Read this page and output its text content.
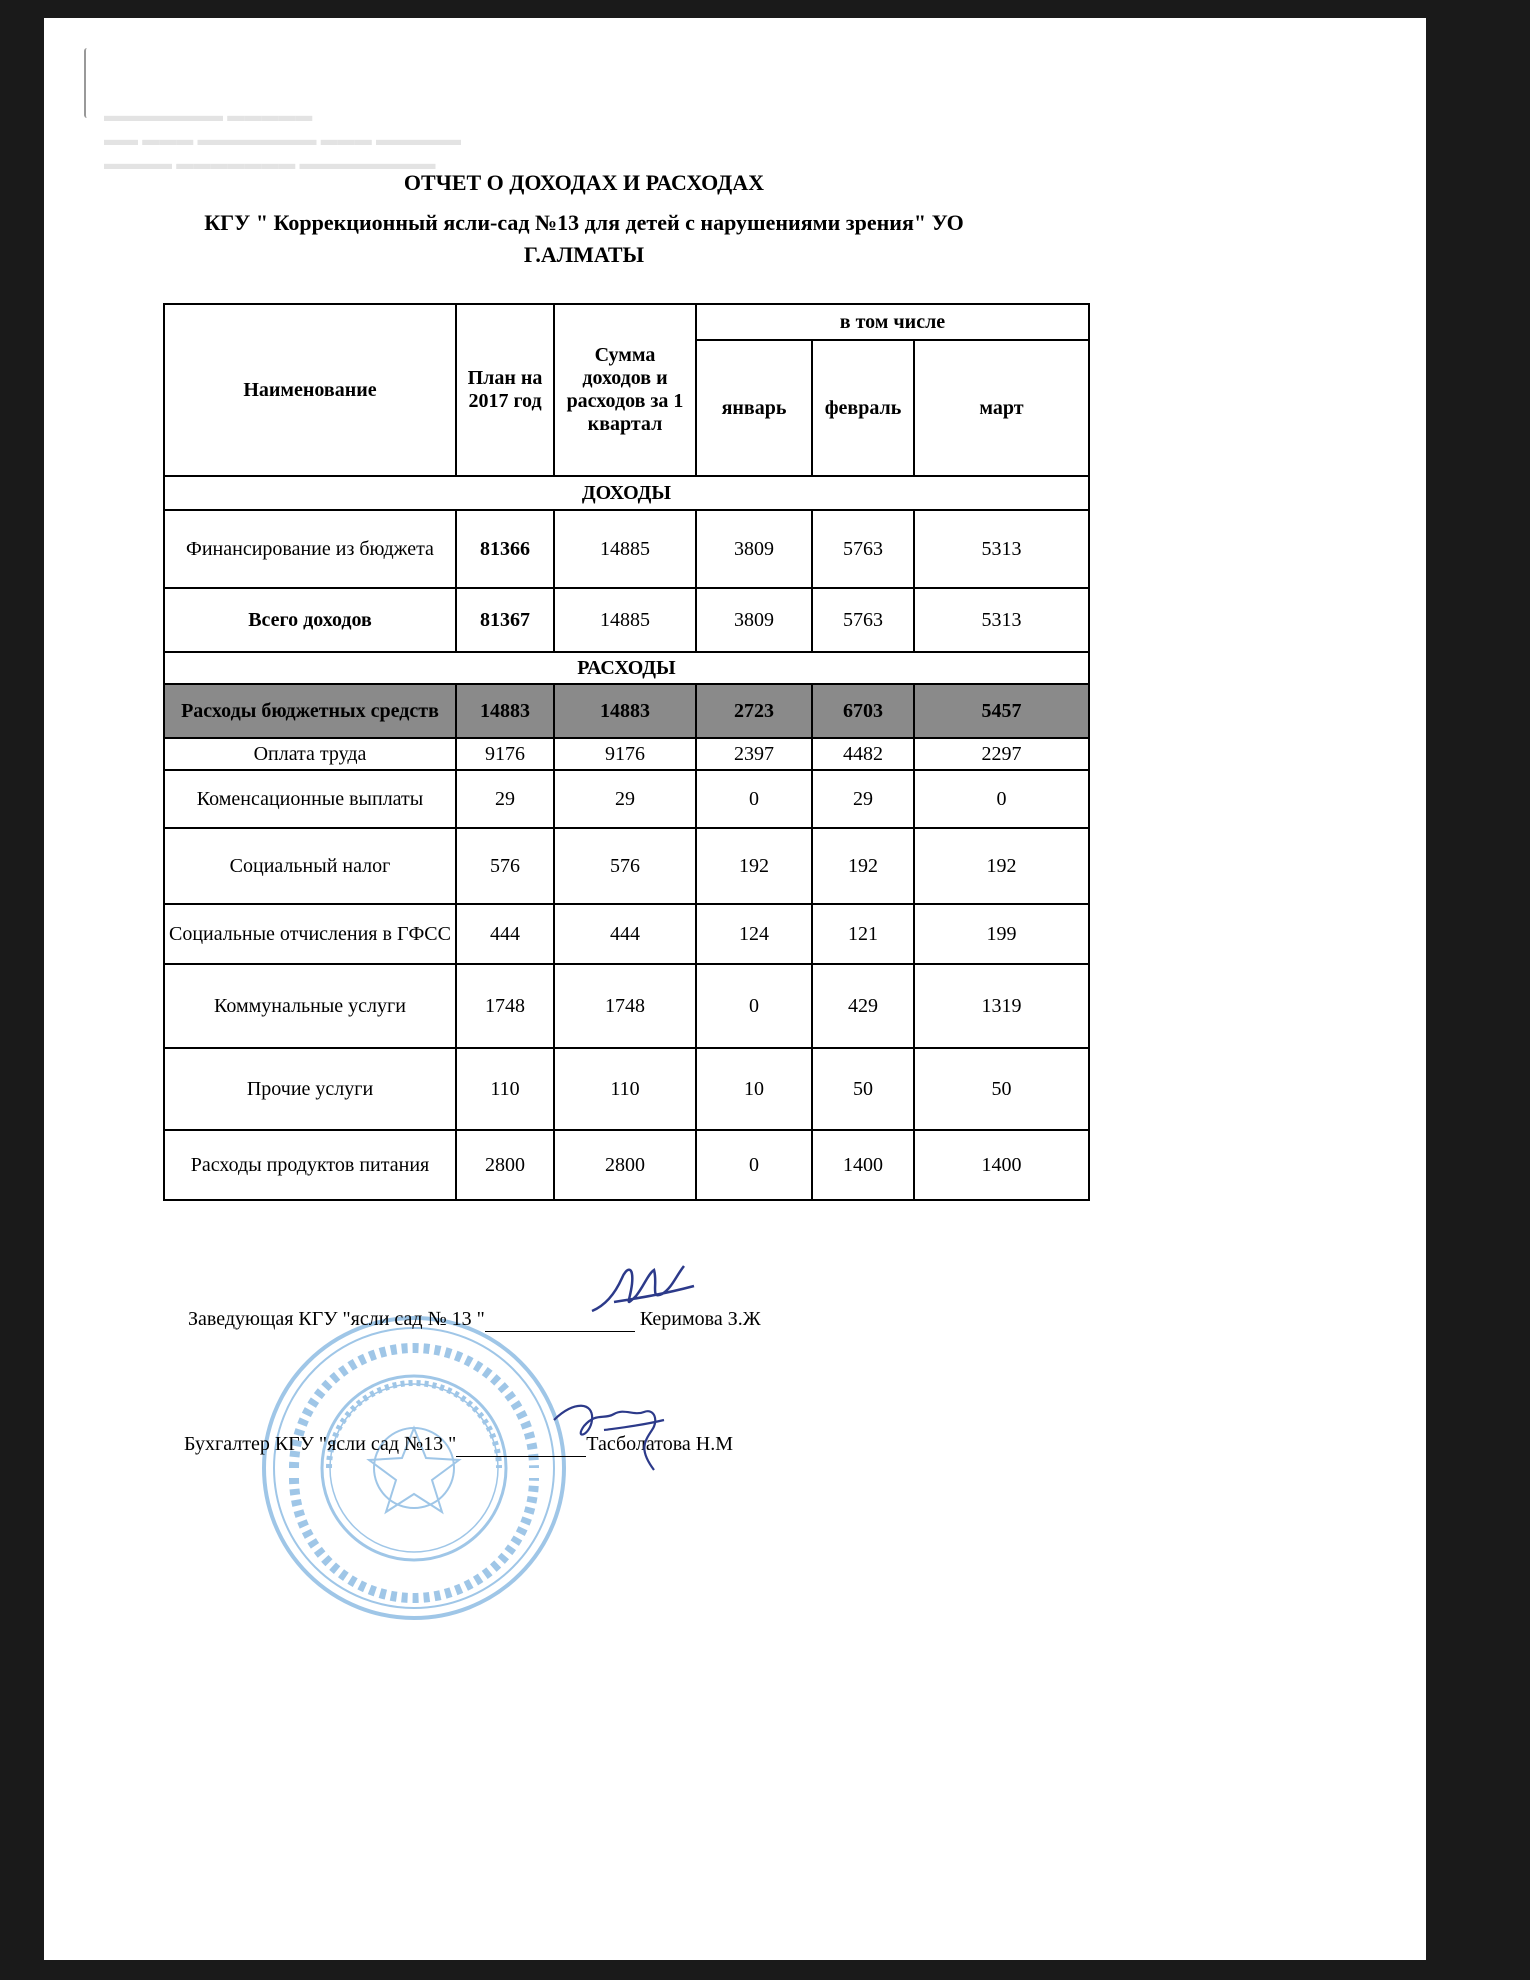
▬▬▬▬▬▬▬ ▬▬▬▬▬
▬▬ ▬▬▬ ▬▬▬▬▬▬▬ ▬▬▬ ▬▬▬▬▬
▬▬▬▬ ▬▬▬▬▬▬▬ ▬▬▬▬▬▬▬▬
ОТЧЕТ О ДОХОДАХ И РАСХОДАХ
КГУ " Коррекционный ясли-сад №13 для детей с нарушениями зрения" УО
Г.АЛМАТЫ
Наименование	План на 2017 год	Сумма доходов и расходов за 1 квартал	в том числе		
			январь	февраль	март
ДОХОДЫ					
Финансирование из бюджета	81366	14885	3809	5763	5313
Всего доходов	81367	14885	3809	5763	5313
РАСХОДЫ					
Расходы бюджетных средств	14883	14883	2723	6703	5457
Оплата труда	9176	9176	2397	4482	2297
Коменсационные выплаты	29	29	0	29	0
Социальный налог	576	576	192	192	192
Социальные отчисления в ГФСС	444	444	124	121	199
Коммунальные услуги	1748	1748	0	429	1319
Прочие услуги	110	110	10	50	50
Расходы продуктов питания	2800	2800	0	1400	1400
Заведующая КГУ "ясли сад № 13 "	Керимова З.Ж
Бухгалтер КГУ "ясли сад №13 "	Тасболатова Н.М
